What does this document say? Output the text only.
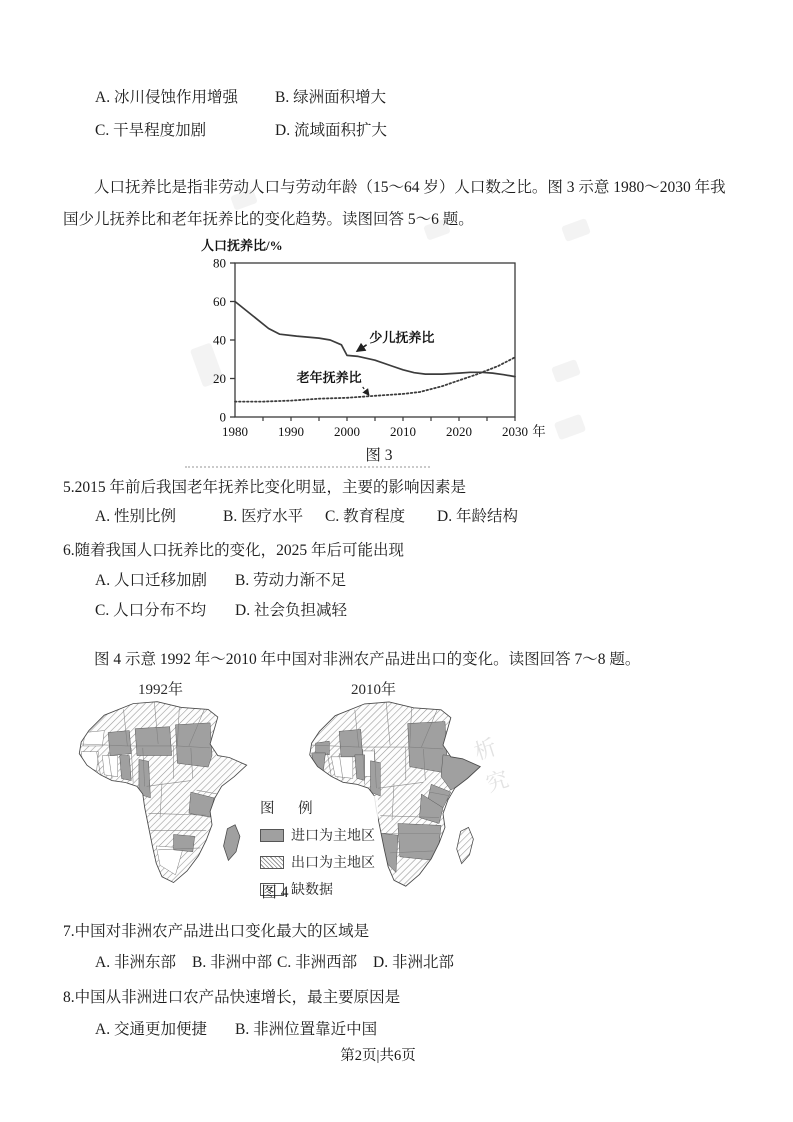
析
究
A. 冰川侵蚀作用增强 B. 绿洲面积增大
C. 干旱程度加剧	D. 流域面积扩大
人口抚养比是指非劳动人口与劳动年龄（15～64 岁）人口数之比。图 3 示意 1980～2030 年我国少儿抚养比和老年抚养比的变化趋势。读图回答 5～6 题。
人口抚养比/%
0
20
40
60
80
1980 1990 2000 2010 2020 2030 年
少儿抚养比
老年抚养比
图 3
5.2015 年前后我国老年抚养比变化明显，主要的影响因素是
A. 性别比例	B. 医疗水平 C. 教育程度 D. 年龄结构
6.随着我国人口抚养比的变化，2025 年后可能出现
A. 人口迁移加剧 B. 劳动力渐不足
C. 人口分布不均 D. 社会负担减轻
图 4 示意 1992 年～2010 年中国对非洲农产品进出口的变化。读图回答 7～8 题。
1992年	2010年
图 例
进口为主地区
出口为主地区
缺数据
图 4
7.中国对非洲农产品进出口变化最大的区域是
A. 非洲东部 B. 非洲中部 C. 非洲西部 D. 非洲北部
8.中国从非洲进口农产品快速增长，最主要原因是
A. 交通更加便捷 B. 非洲位置靠近中国
第2页|共6页
